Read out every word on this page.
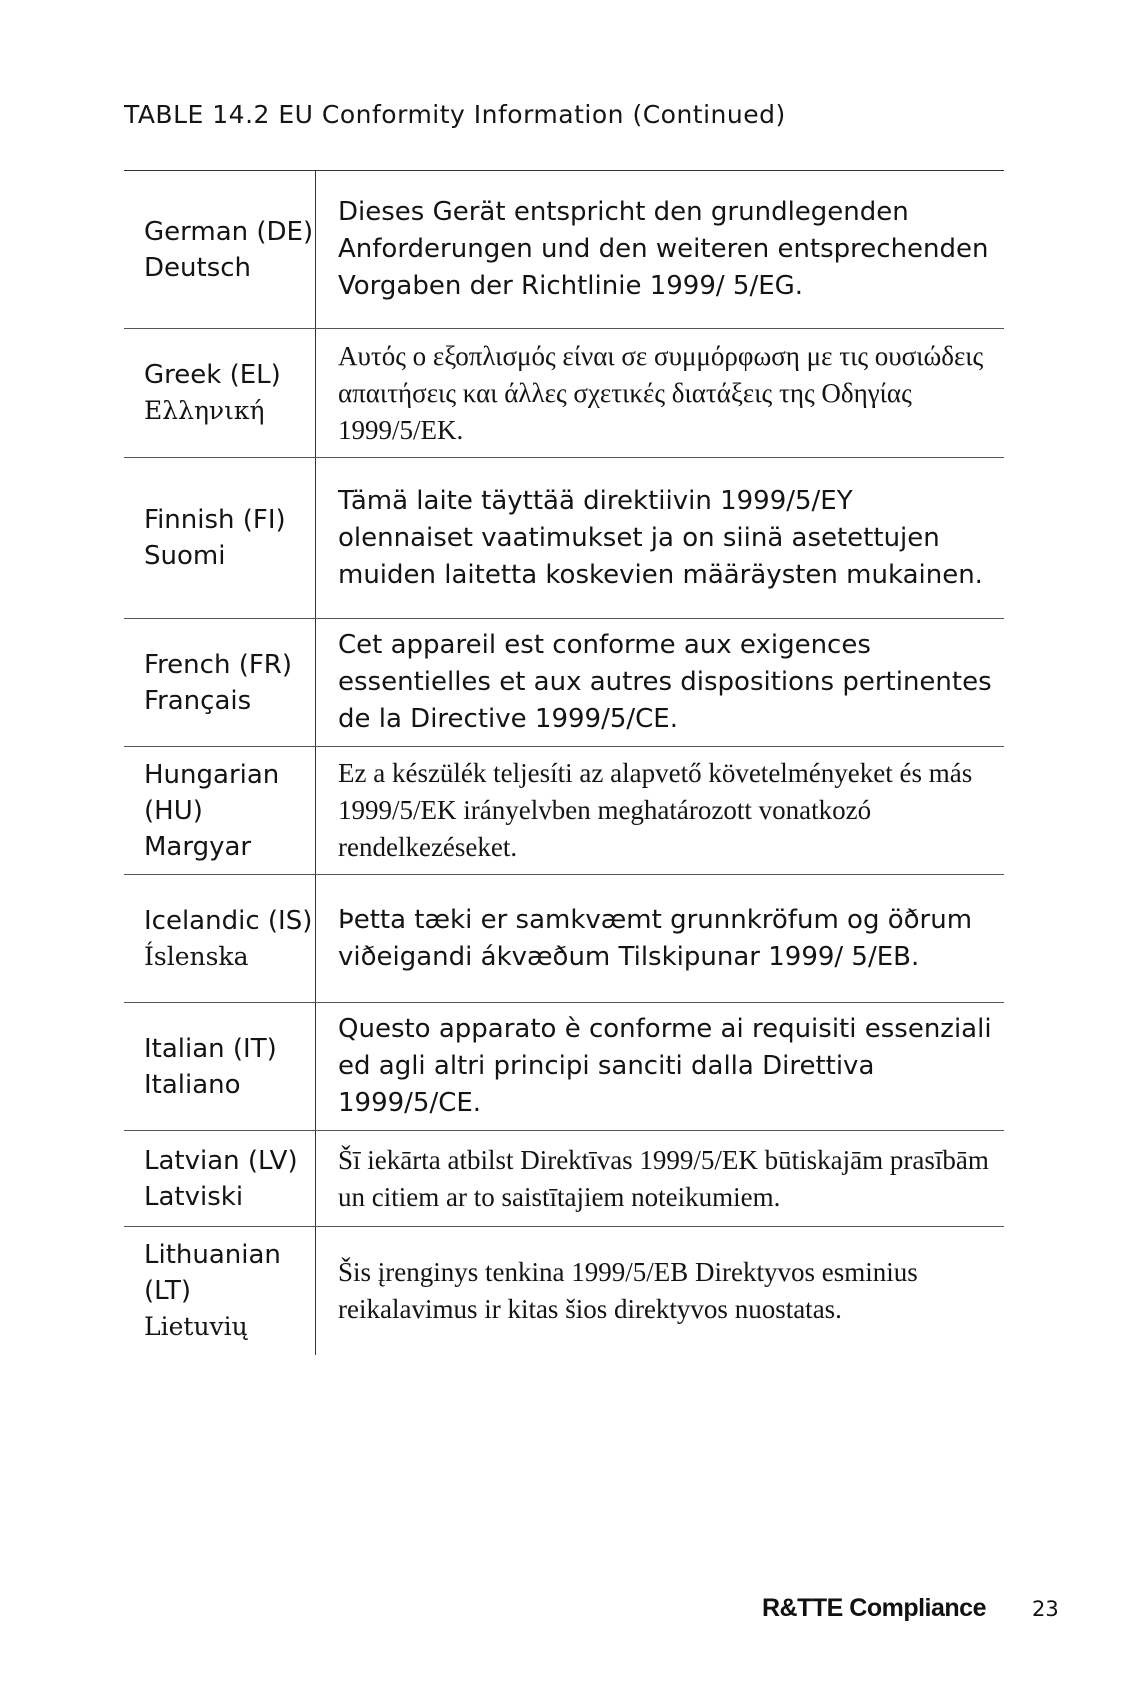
TABLE 14.2 EU Conformity Information (Continued)
German (DE)
Deutsch
Dieses Gerät entspricht den grundlegenden Anforderungen und den weiteren entsprechenden Vorgaben der Richtlinie 1999/ 5/EG.
Greek (EL)
Ελληνική
Αυτός ο εξοπλισμός είναι σε συμμόρφωση με τις ουσιώδεις απαιτήσεις και άλλες σχετικές διατάξεις της Οδηγίας 1999/5/ΕΚ.
Finnish (FI)
Suomi
Tämä laite täyttää direktiivin 1999/5/EY olennaiset vaatimukset ja on siinä asetettujen muiden laitetta koskevien määräysten mukainen.
French (FR)
Français
Cet appareil est conforme aux exigences essentielles et aux autres dispositions pertinentes de la Directive 1999/5/CE.
Hungarian (HU)
Margyar
Ez a készülék teljesíti az alapvető követelményeket és más 1999/5/EK irányelvben meghatározott vonatkozó rendelkezéseket.
Icelandic (IS)
Íslenska
Þetta tæki er samkvæmt grunnkröfum og öðrum viðeigandi ákvæðum Tilskipunar 1999/ 5/EB.
Italian (IT)
Italiano
Questo apparato è conforme ai requisiti essenziali ed agli altri principi sanciti dalla Direttiva 1999/5/CE.
Latvian (LV)
Latviski
Šī iekārta atbilst Direktīvas 1999/5/EK būtiskajām prasībām un citiem ar to saistītajiem noteikumiem.
Lithuanian (LT)
Lietuvių
Šis įrenginys tenkina 1999/5/EB Direktyvos esminius reikalavimus ir kitas šios direktyvos nuostatas.
R&TTE Compliance 23
